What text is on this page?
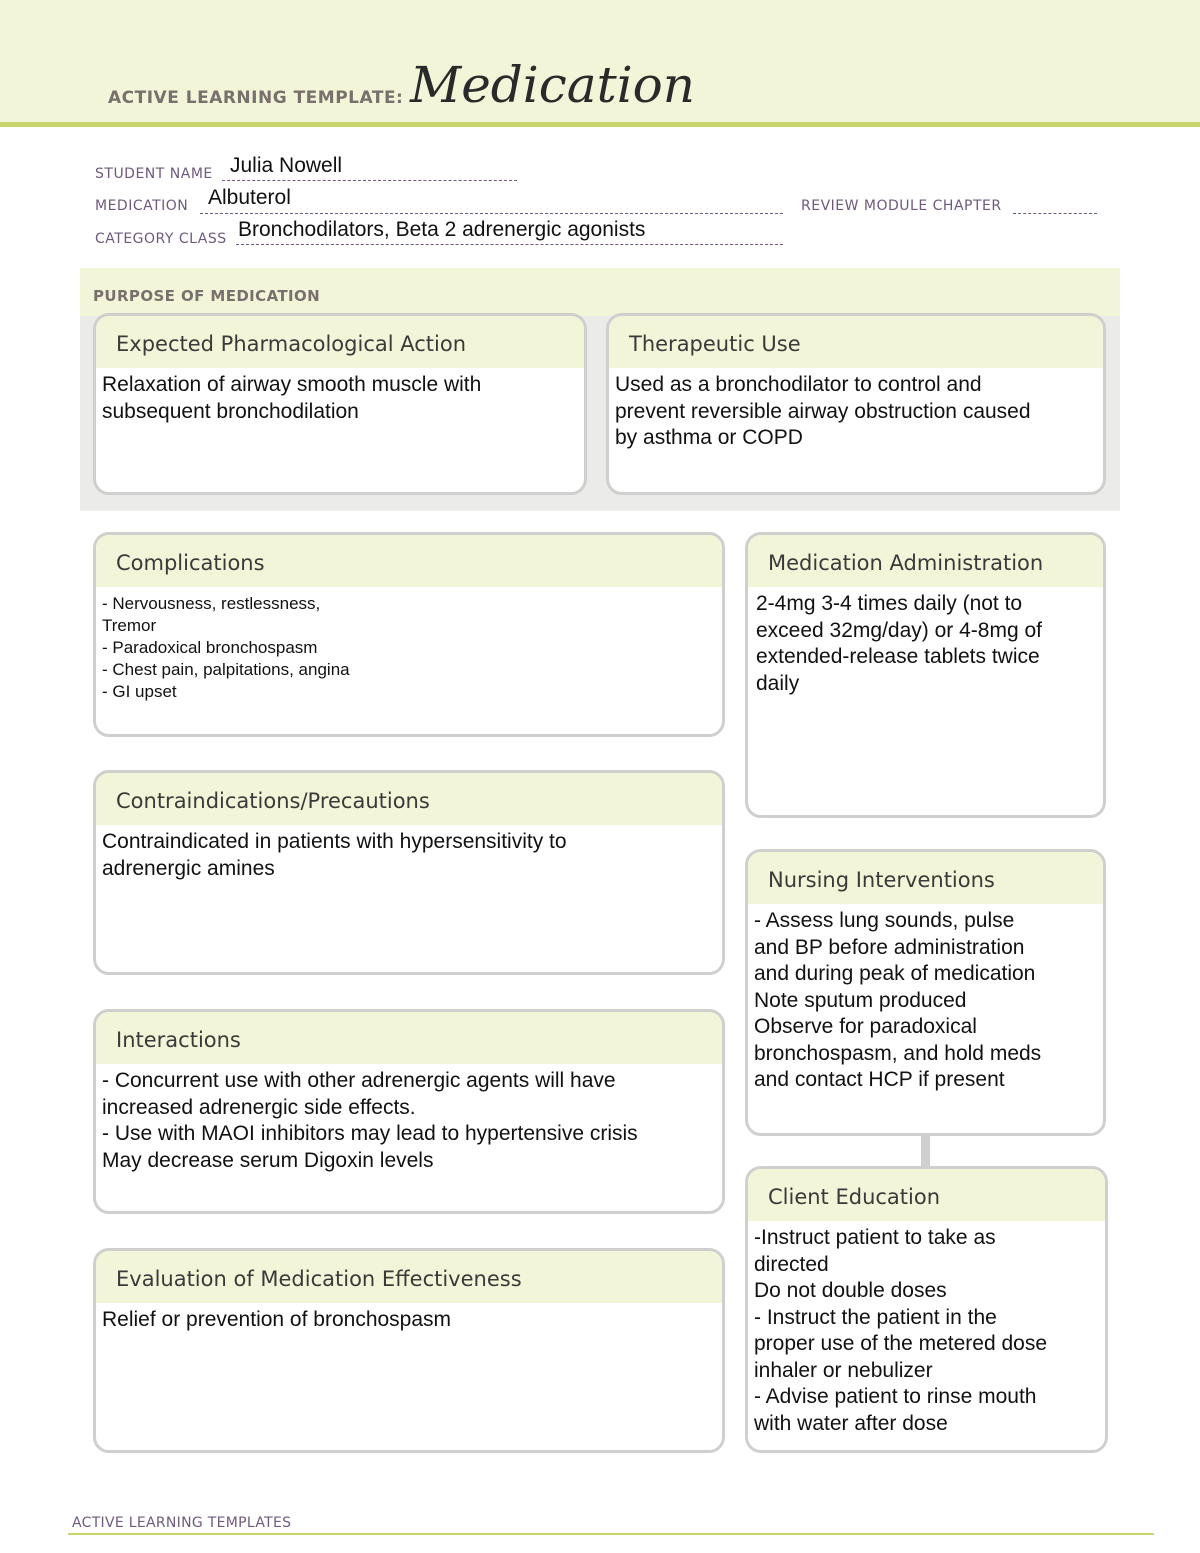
ACTIVE LEARNING TEMPLATE: Medication
STUDENT NAME Julia Nowell
MEDICATION Albuterol	REVIEW MODULE CHAPTER
CATEGORY CLASS Bronchodilators, Beta 2 adrenergic agonists
PURPOSE OF MEDICATION
Expected Pharmacological Action
Relaxation of airway smooth muscle with
subsequent bronchodilation
Therapeutic Use
Used as a bronchodilator to control and
prevent reversible airway obstruction caused
by asthma or COPD
Complications
- Nervousness, restlessness,
Tremor
- Paradoxical bronchospasm
- Chest pain, palpitations, angina
- GI upset
Contraindications/Precautions
Contraindicated in patients with hypersensitivity to
adrenergic amines
Interactions
- Concurrent use with other adrenergic agents will have
increased adrenergic side effects.
- Use with MAOI inhibitors may lead to hypertensive crisis
May decrease serum Digoxin levels
Evaluation of Medication Effectiveness
Relief or prevention of bronchospasm
Medication Administration
2-4mg 3-4 times daily (not to
exceed 32mg/day) or 4-8mg of
extended-release tablets twice
daily
Nursing Interventions
- Assess lung sounds, pulse
and BP before administration
and during peak of medication
Note sputum produced
Observe for paradoxical
bronchospasm, and hold meds
and contact HCP if present
Client Education
-Instruct patient to take as
directed
Do not double doses
- Instruct the patient in the
proper use of the metered dose
inhaler or nebulizer
- Advise patient to rinse mouth
with water after dose
ACTIVE LEARNING TEMPLATES
